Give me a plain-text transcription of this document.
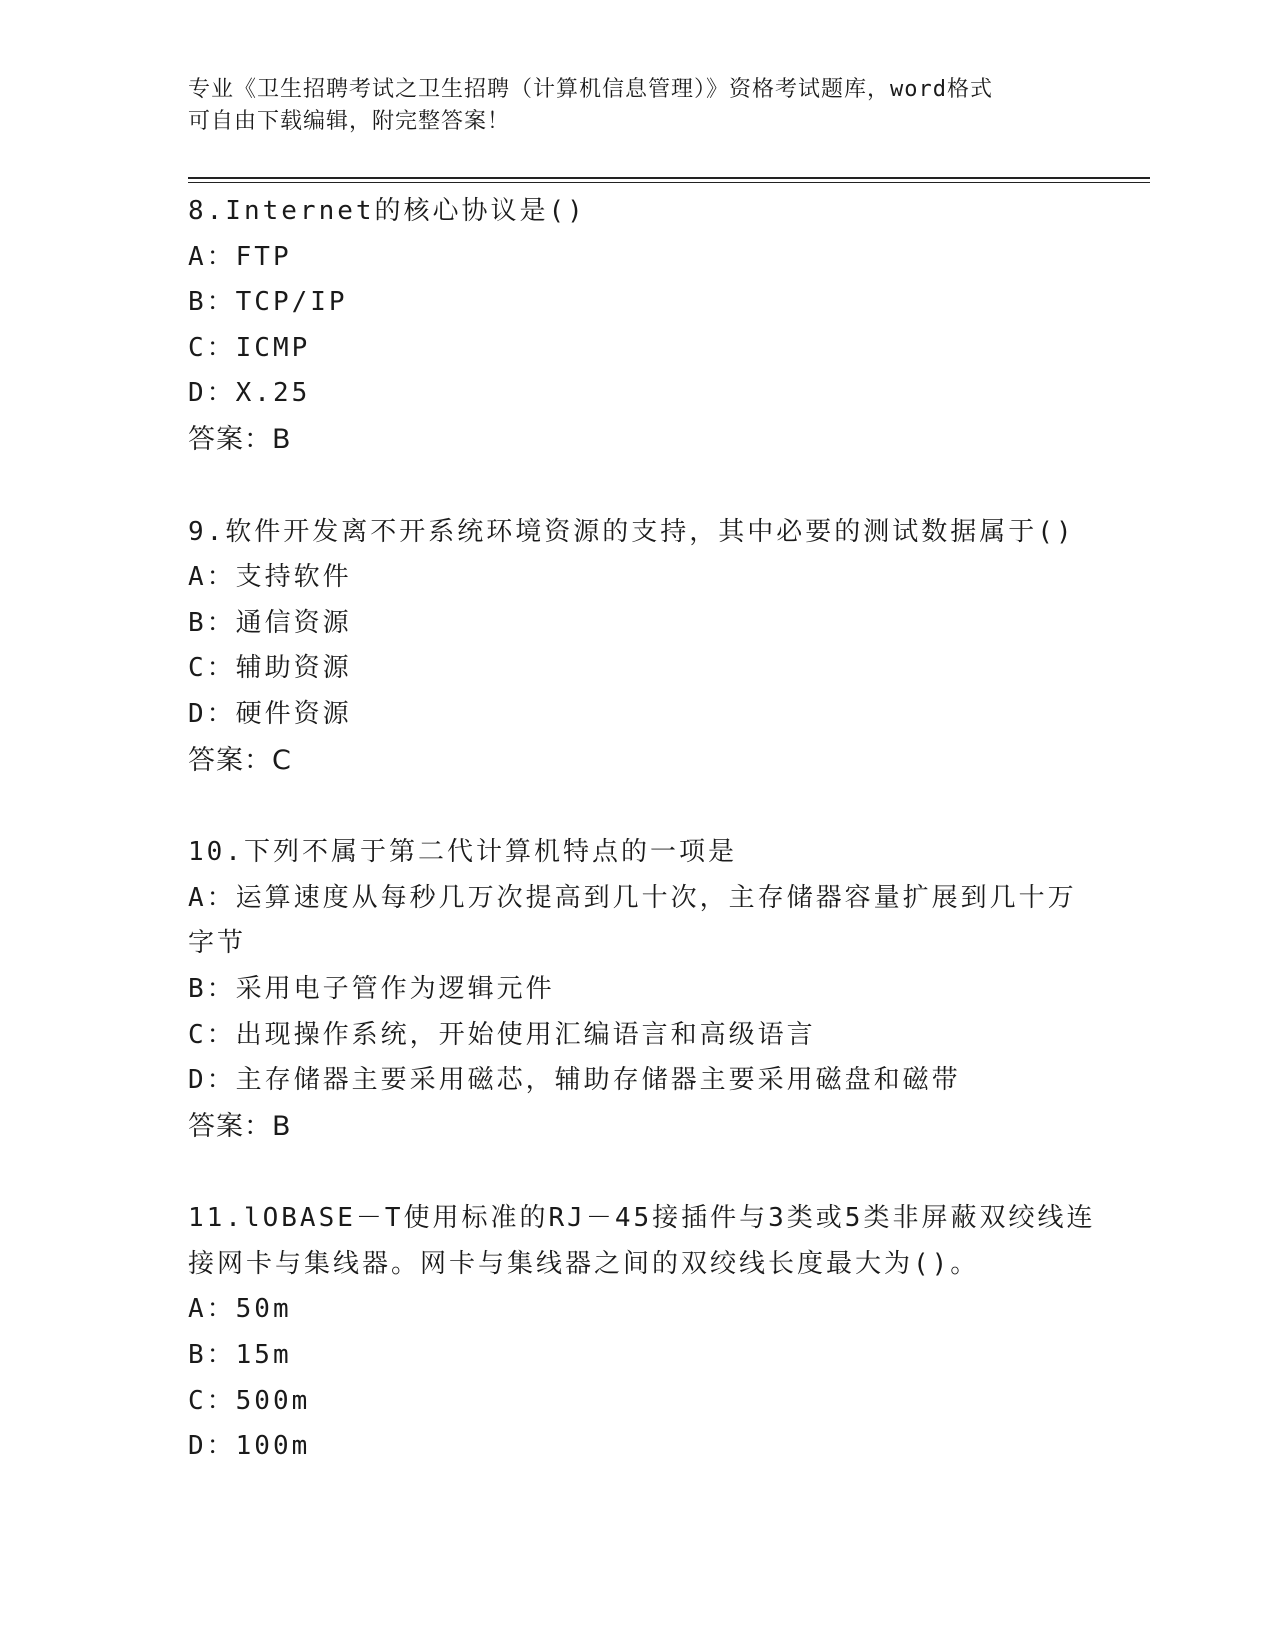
专业《卫生招聘考试之卫生招聘（计算机信息管理）》资格考试题库，word格式
可自由下载编辑，附完整答案！
8.Internet的核心协议是()
A：FTP
B：TCP/IP
C：ICMP
D：X.25
答案：B
9.软件开发离不开系统环境资源的支持，其中必要的测试数据属于()
A：支持软件
B：通信资源
C：辅助资源
D：硬件资源
答案：C
10.下列不属于第二代计算机特点的一项是
A：运算速度从每秒几万次提高到几十次，主存储器容量扩展到几十万
字节
B：采用电子管作为逻辑元件
C：出现操作系统，开始使用汇编语言和高级语言
D：主存储器主要采用磁芯，辅助存储器主要采用磁盘和磁带
答案：B
11.lOBASE－T使用标准的RJ－45接插件与3类或5类非屏蔽双绞线连
接网卡与集线器。网卡与集线器之间的双绞线长度最大为()。
A：50m
B：15m
C：500m
D：100m
